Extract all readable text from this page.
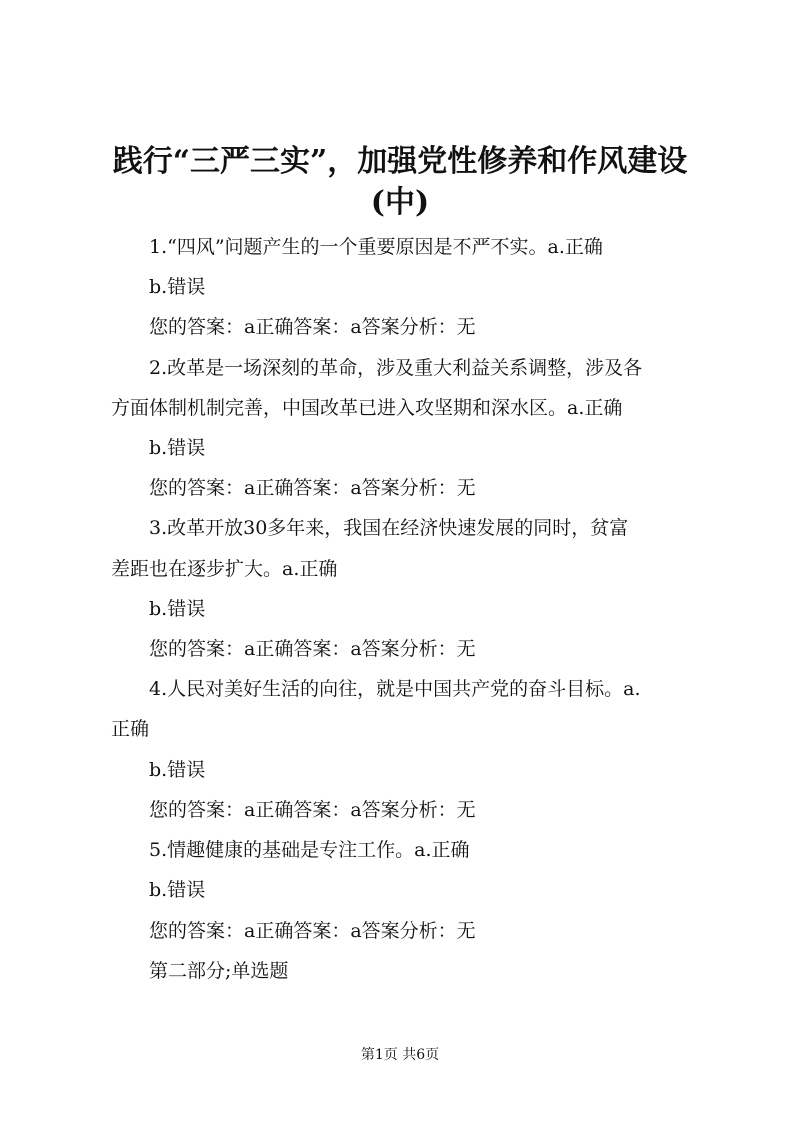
践行“三严三实”，加强党性修养和作风建设
(中)

1.“四风”问题产生的一个重要原因是不严不实。a.正确

b.错误

您的答案：a正确答案：a答案分析：无

2.改革是一场深刻的革命，涉及重大利益关系调整，涉及各

方面体制机制完善，中国改革已进入攻坚期和深水区。a.正确

b.错误

您的答案：a正确答案：a答案分析：无

3.改革开放30多年来，我国在经济快速发展的同时，贫富

差距也在逐步扩大。a.正确

b.错误

您的答案：a正确答案：a答案分析：无

4.人民对美好生活的向往，就是中国共产党的奋斗目标。a.

正确

b.错误

您的答案：a正确答案：a答案分析：无

5.情趣健康的基础是专注工作。a.正确

b.错误

您的答案：a正确答案：a答案分析：无

第二部分;单选题

第1页 共6页
